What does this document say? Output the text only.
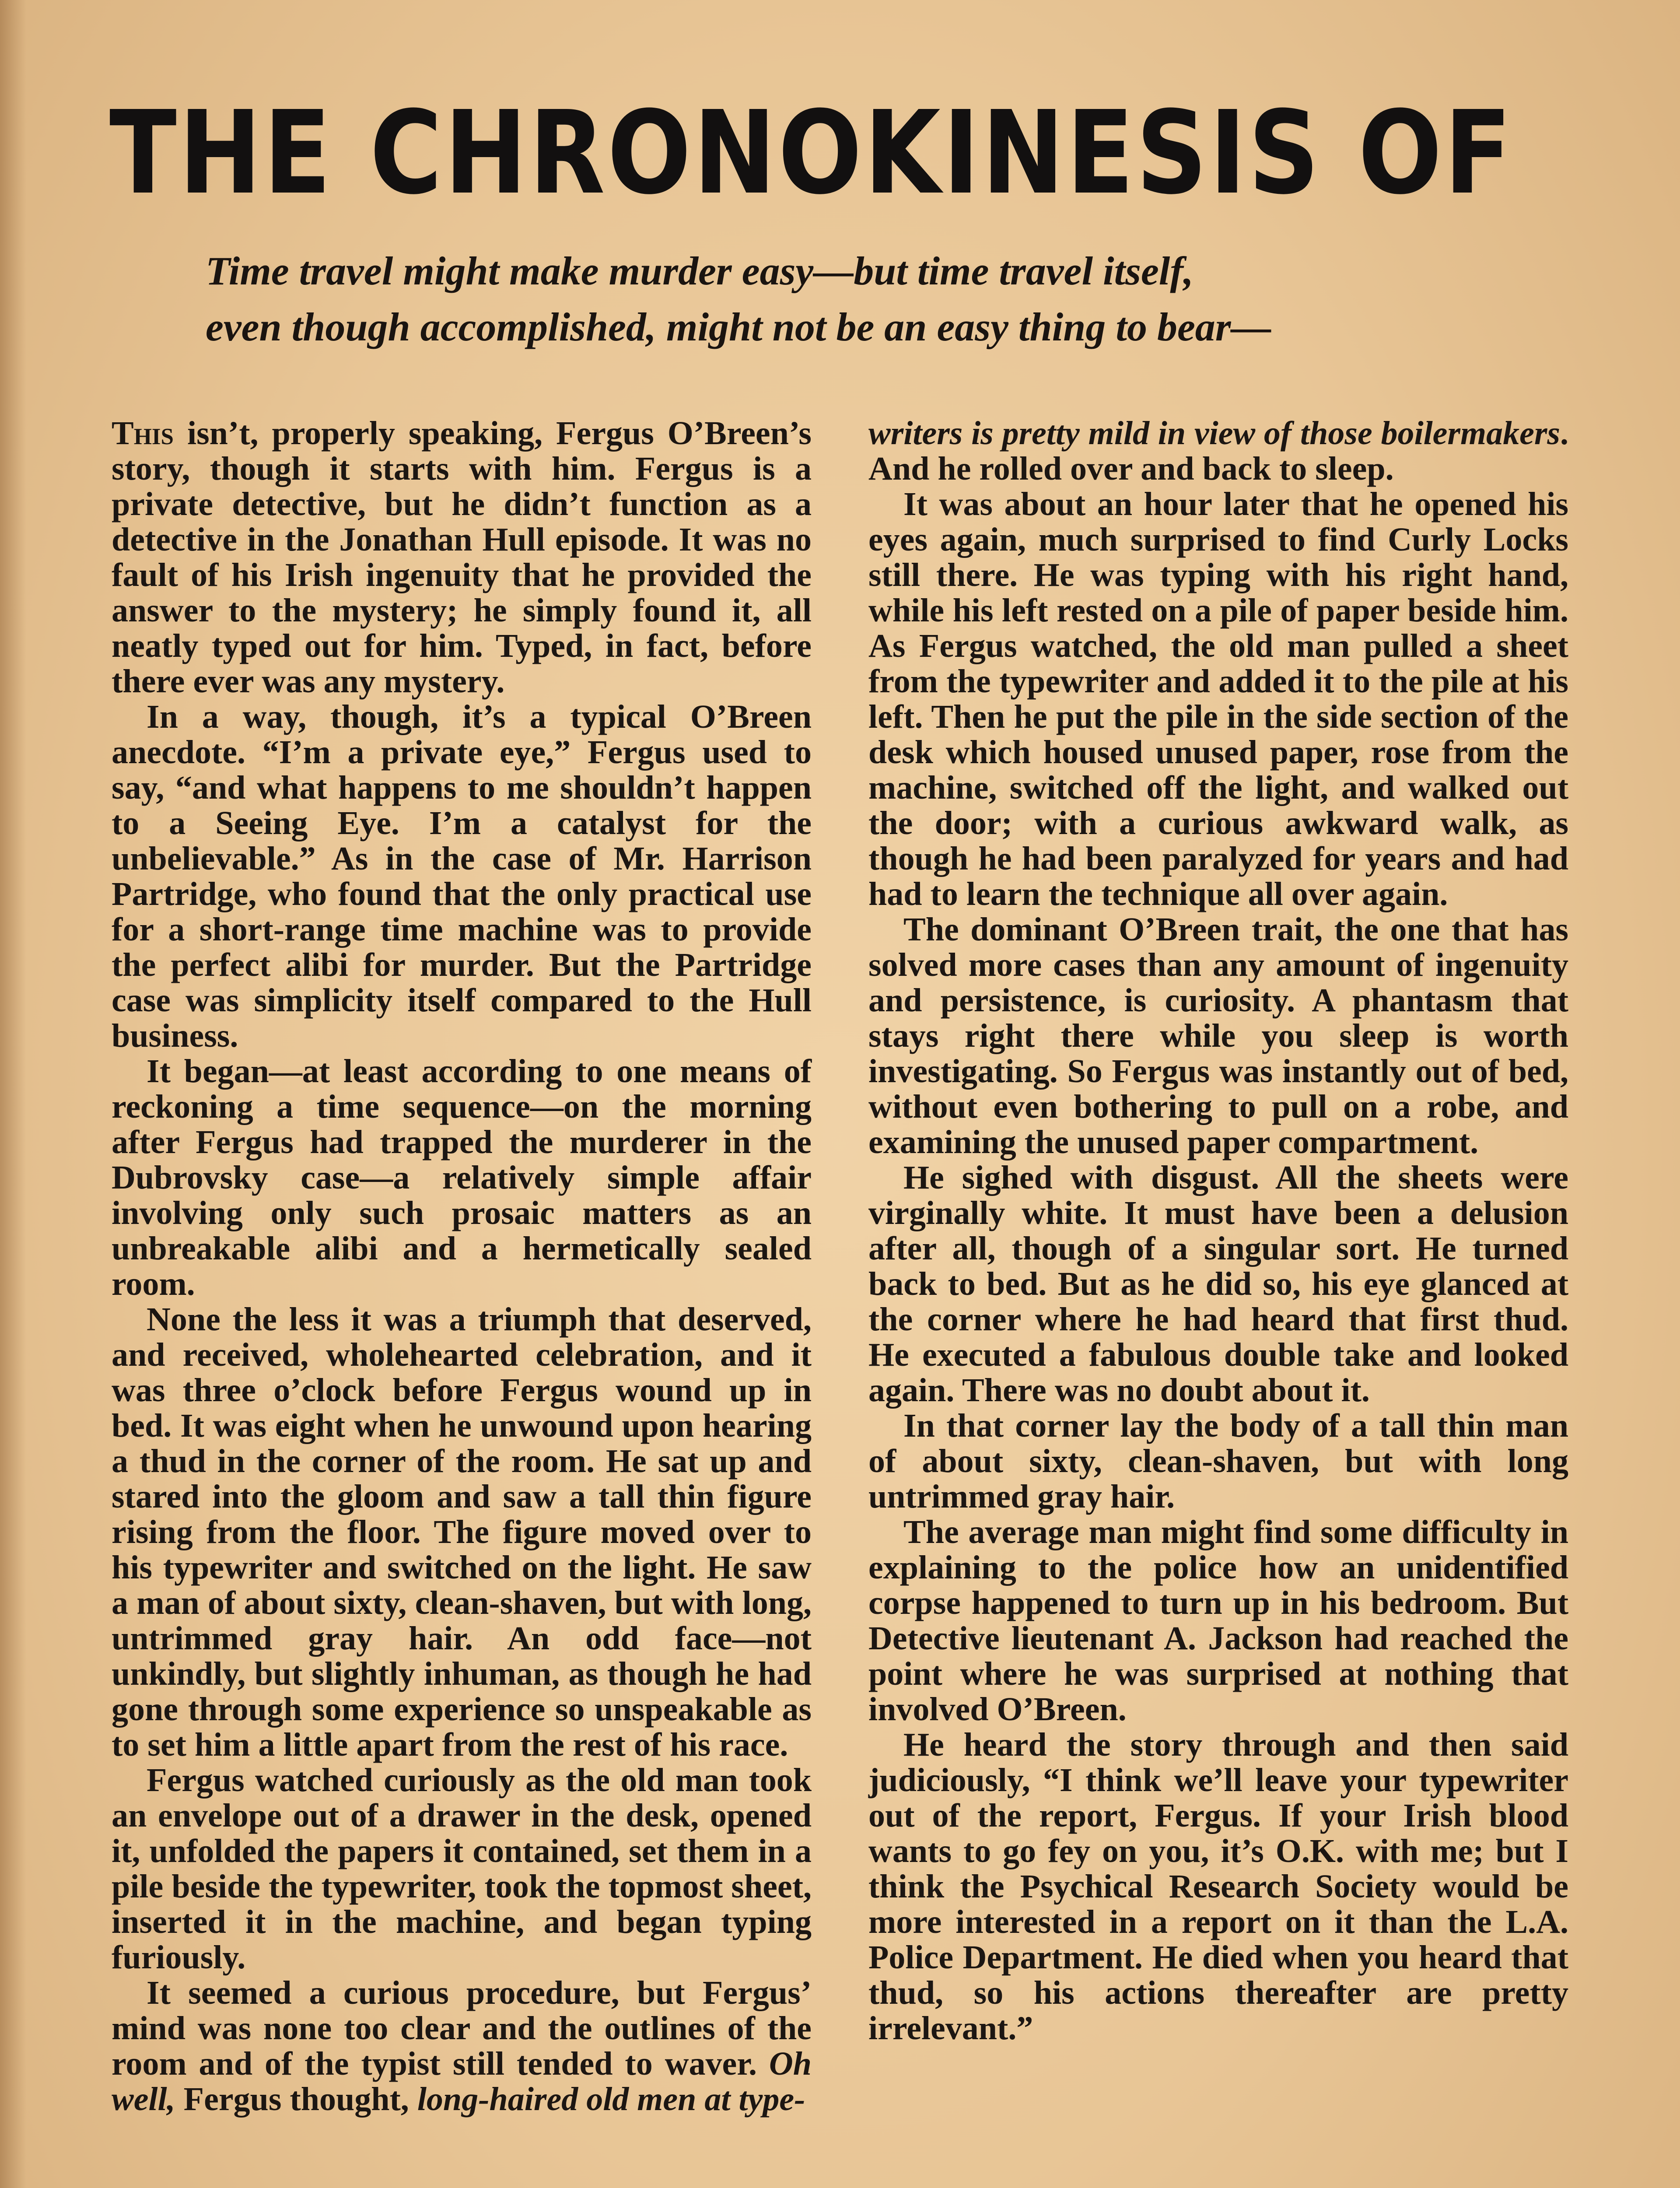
THE CHRONOKINESIS OF
Time travel might make murder easy—but time travel itself,
even though accomplished, might not be an easy thing to bear—

This isn’t, properly speaking, Fergus O’Breen’s story, though it starts with him. Fergus is a private detective, but he didn’t function as a detective in the Jonathan Hull episode. It was no fault of his Irish ingenuity that he provided the answer to the mystery; he simply found it, all neatly typed out for him. Typed, in fact, before there ever was any mystery.

In a way, though, it’s a typical O’Breen anecdote. “I’m a private eye,” Fergus used to say, “and what happens to me shouldn’t happen to a Seeing Eye. I’m a catalyst for the unbelievable.” As in the case of Mr. Harrison Partridge, who found that the only practical use for a short-range time machine was to provide the perfect alibi for murder. But the Partridge case was simplicity itself compared to the Hull business.

It began—at least according to one means of reckoning a time sequence—on the morning after Fergus had trapped the murderer in the Dubrovsky case—a relatively simple affair involving only such prosaic matters as an unbreakable alibi and a hermetically sealed room.

None the less it was a triumph that deserved, and received, wholehearted celebration, and it was three o’clock before Fergus wound up in bed. It was eight when he unwound upon hearing a thud in the corner of the room. He sat up and stared into the gloom and saw a tall thin figure rising from the floor. The figure moved over to his typewriter and switched on the light. He saw a man of about sixty, clean-shaven, but with long, untrimmed gray hair. An odd face—not unkindly, but slightly inhuman, as though he had gone through some experience so unspeakable as to set him a little apart from the rest of his race.

Fergus watched curiously as the old man took an envelope out of a drawer in the desk, opened it, unfolded the papers it contained, set them in a pile beside the typewriter, took the topmost sheet, inserted it in the machine, and began typing furiously.

It seemed a curious procedure, but Fergus’ mind was none too clear and the outlines of the room and of the typist still tended to waver. Oh well, Fergus thought, long-haired old men at type-

writers is pretty mild in view of those boilermakers. And he rolled over and back to sleep.

It was about an hour later that he opened his eyes again, much surprised to find Curly Locks still there. He was typing with his right hand, while his left rested on a pile of paper beside him. As Fergus watched, the old man pulled a sheet from the typewriter and added it to the pile at his left. Then he put the pile in the side section of the desk which housed unused paper, rose from the machine, switched off the light, and walked out the door; with a curious awkward walk, as though he had been paralyzed for years and had had to learn the technique all over again.

The dominant O’Breen trait, the one that has solved more cases than any amount of ingenuity and persistence, is curiosity. A phantasm that stays right there while you sleep is worth investigating. So Fergus was instantly out of bed, without even bothering to pull on a robe, and examining the unused paper compartment.

He sighed with disgust. All the sheets were virginally white. It must have been a delusion after all, though of a singular sort. He turned back to bed. But as he did so, his eye glanced at the corner where he had heard that first thud. He executed a fabulous double take and looked again. There was no doubt about it.

In that corner lay the body of a tall thin man of about sixty, clean-shaven, but with long untrimmed gray hair.

The average man might find some difficulty in explaining to the police how an unidentified corpse happened to turn up in his bedroom. But Detective lieutenant A. Jackson had reached the point where he was surprised at nothing that involved O’Breen.

He heard the story through and then said judiciously, “I think we’ll leave your typewriter out of the report, Fergus. If your Irish blood wants to go fey on you, it’s O.K. with me; but I think the Psychical Research Society would be more interested in a report on it than the L.A. Police Department. He died when you heard that thud, so his actions thereafter are pretty irrelevant.”
